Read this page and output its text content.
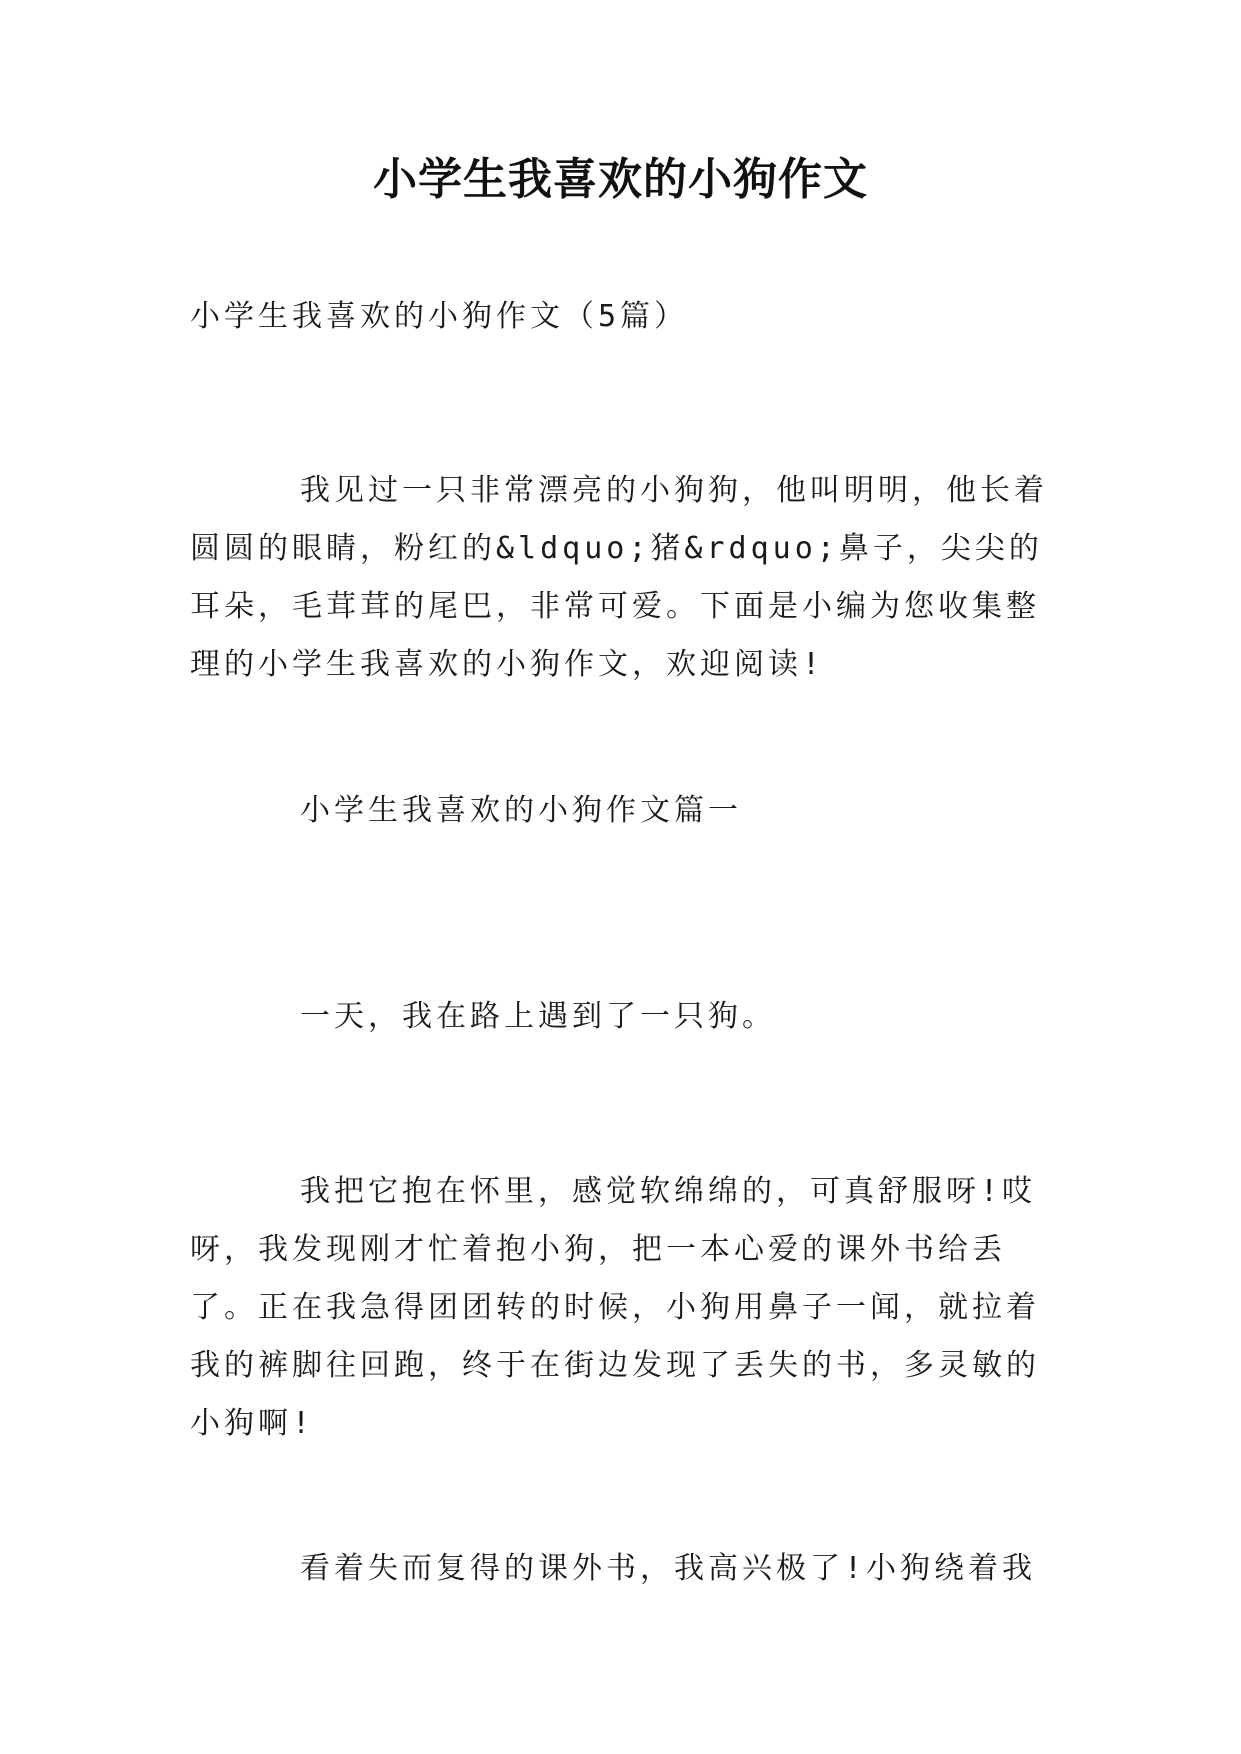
小学生我喜欢的小狗作文

小学生我喜欢的小狗作文（5篇）

我见过一只非常漂亮的小狗狗，他叫明明，他长着圆圆的眼睛，粉红的&ldquo;猪&rdquo;鼻子，尖尖的耳朵，毛茸茸的尾巴，非常可爱。下面是小编为您收集整理的小学生我喜欢的小狗作文，欢迎阅读!

小学生我喜欢的小狗作文篇一

一天，我在路上遇到了一只狗。

我把它抱在怀里，感觉软绵绵的，可真舒服呀!哎呀，我发现刚才忙着抱小狗，把一本心爱的课外书给丢了。正在我急得团团转的时候，小狗用鼻子一闻，就拉着我的裤脚往回跑，终于在街边发现了丢失的书，多灵敏的小狗啊!

看着失而复得的课外书，我高兴极了!小狗绕着我
